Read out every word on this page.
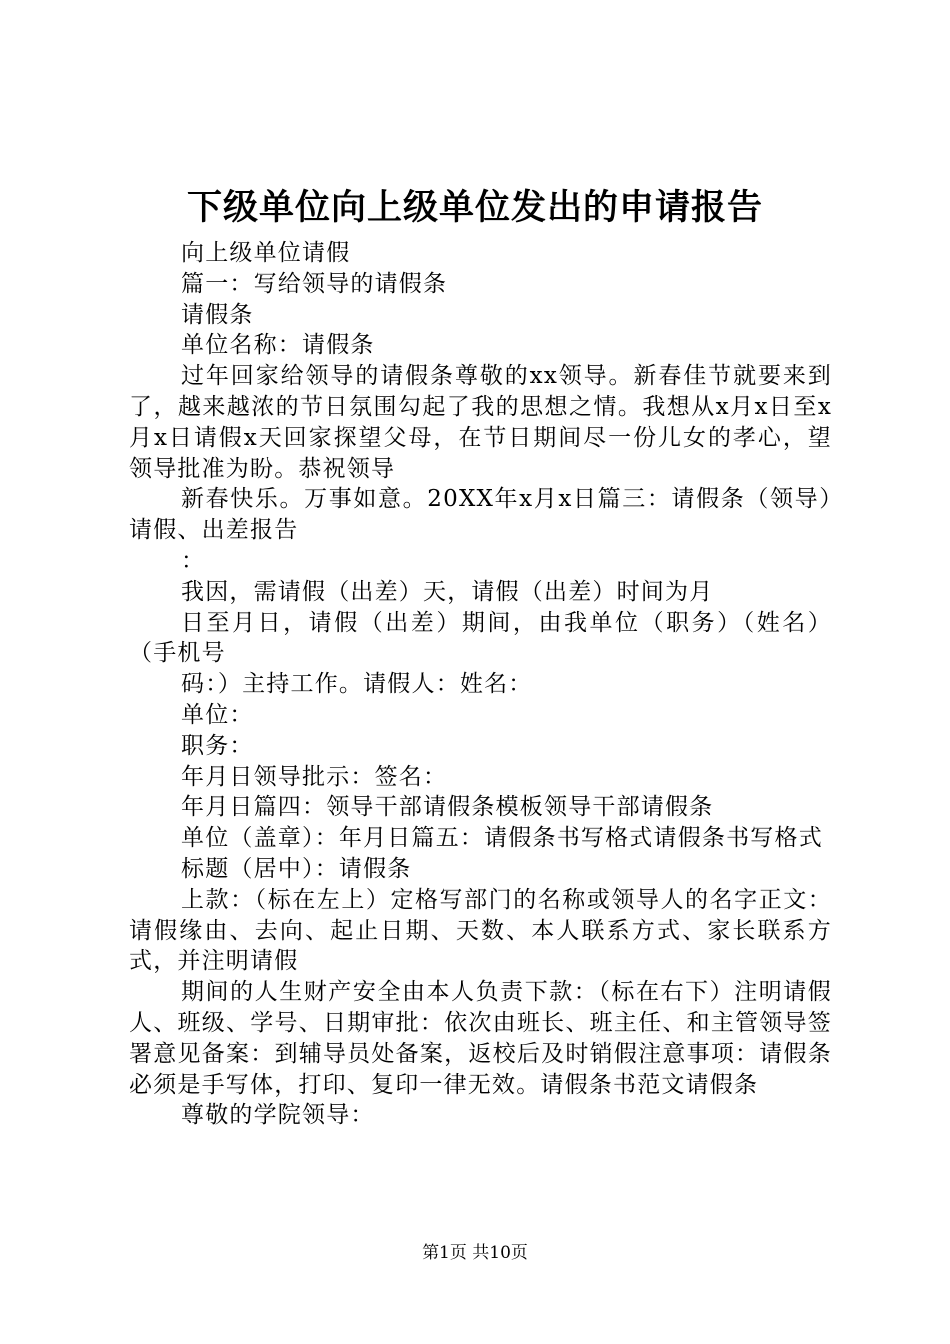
下级单位向上级单位发出的申请报告

向上级单位请假

篇一：写给领导的请假条

请假条

单位名称：请假条

过年回家给领导的请假条尊敬的xx领导。新春佳节就要来到了，越来越浓的节日氛围勾起了我的思想之情。我想从x月x日至x月x日请假x天回家探望父母，在节日期间尽一份儿女的孝心，望领导批准为盼。恭祝领导

新春快乐。万事如意。20XX年x月x日篇三：请假条（领导）请假、出差报告

：

我因，需请假（出差）天，请假（出差）时间为月

日至月日，请假（出差）期间，由我单位（职务）（姓名）（手机号

码：）主持工作。请假人：姓名：

单位：

职务：

年月日领导批示：签名：

年月日篇四：领导干部请假条模板领导干部请假条

单位（盖章）：年月日篇五：请假条书写格式请假条书写格式

标题（居中）：请假条

上款：（标在左上）定格写部门的名称或领导人的名字正文：请假缘由、去向、起止日期、天数、本人联系方式、家长联系方式，并注明请假

期间的人生财产安全由本人负责下款：（标在右下）注明请假人、班级、学号、日期审批：依次由班长、班主任、和主管领导签署意见备案：到辅导员处备案，返校后及时销假注意事项：请假条必须是手写体，打印、复印一律无效。请假条书范文请假条

尊敬的学院领导：

第1页 共10页
